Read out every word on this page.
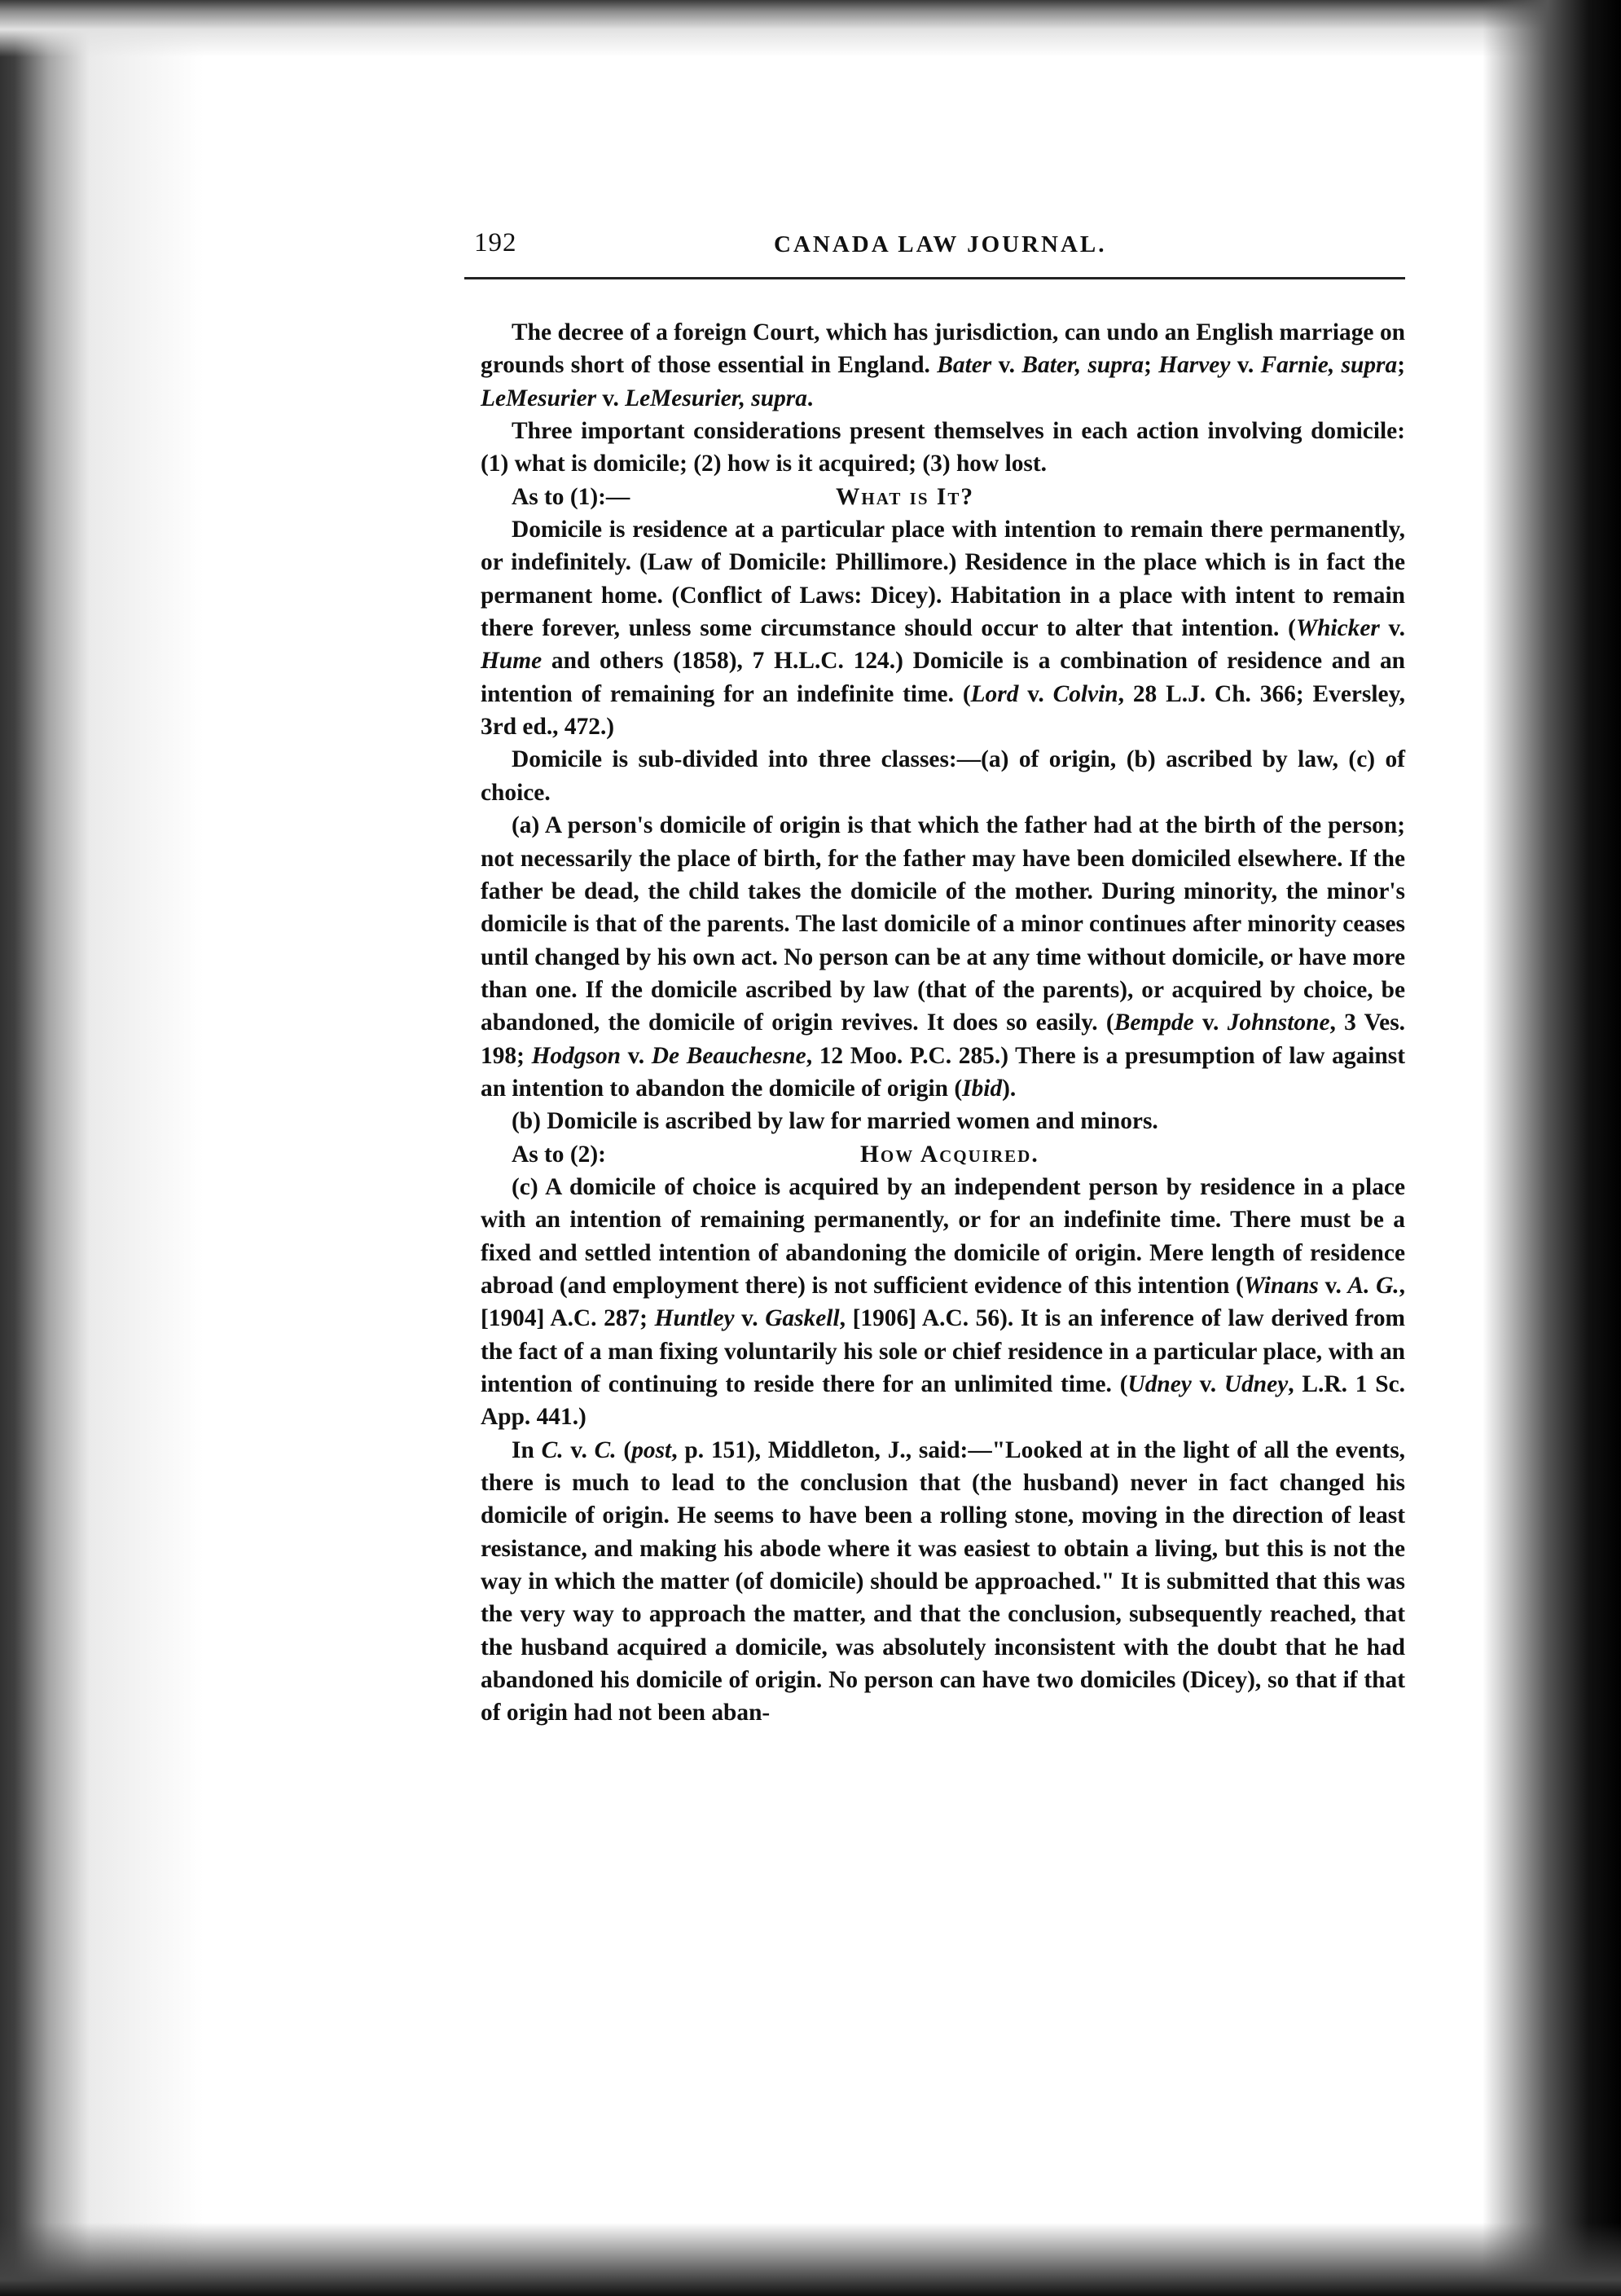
192	CANADA LAW JOURNAL.

The decree of a foreign Court, which has jurisdiction, can undo an English marriage on grounds short of those essential in England. Bater v. Bater, supra; Harvey v. Farnie, supra; LeMesurier v. LeMesurier, supra.

Three important considerations present themselves in each action involving domicile: (1) what is domicile; (2) how is it acquired; (3) how lost.

As to (1):—	What is It?

Domicile is residence at a particular place with intention to remain there permanently, or indefinitely. (Law of Domicile: Phillimore.) Residence in the place which is in fact the permanent home. (Conflict of Laws: Dicey). Habitation in a place with intent to remain there forever, unless some circumstance should occur to alter that intention. (Whicker v. Hume and others (1858), 7 H.L.C. 124.) Domicile is a combination of residence and an intention of remaining for an indefinite time. (Lord v. Colvin, 28 L.J. Ch. 366; Eversley, 3rd ed., 472.)

Domicile is sub-divided into three classes:—(a) of origin, (b) ascribed by law, (c) of choice.

(a) A person's domicile of origin is that which the father had at the birth of the person; not necessarily the place of birth, for the father may have been domiciled elsewhere. If the father be dead, the child takes the domicile of the mother. During minority, the minor's domicile is that of the parents. The last domicile of a minor continues after minority ceases until changed by his own act. No person can be at any time without domicile, or have more than one. If the domicile ascribed by law (that of the parents), or acquired by choice, be abandoned, the domicile of origin revives. It does so easily. (Bempde v. Johnstone, 3 Ves. 198; Hodgson v. De Beauchesne, 12 Moo. P.C. 285.) There is a presumption of law against an intention to abandon the domicile of origin (Ibid).

(b) Domicile is ascribed by law for married women and minors.

As to (2):	How Acquired.

(c) A domicile of choice is acquired by an independent person by residence in a place with an intention of remaining permanently, or for an indefinite time. There must be a fixed and settled intention of abandoning the domicile of origin. Mere length of residence abroad (and employment there) is not sufficient evidence of this intention (Winans v. A. G., [1904] A.C. 287; Huntley v. Gaskell, [1906] A.C. 56). It is an inference of law derived from the fact of a man fixing voluntarily his sole or chief residence in a particular place, with an intention of continuing to reside there for an unlimited time. (Udney v. Udney, L.R. 1 Sc. App. 441.)

In C. v. C. (post, p. 151), Middleton, J., said:—"Looked at in the light of all the events, there is much to lead to the conclusion that (the husband) never in fact changed his domicile of origin. He seems to have been a rolling stone, moving in the direction of least resistance, and making his abode where it was easiest to obtain a living, but this is not the way in which the matter (of domicile) should be approached." It is submitted that this was the very way to approach the matter, and that the conclusion, subsequently reached, that the husband acquired a domicile, was absolutely inconsistent with the doubt that he had abandoned his domicile of origin. No person can have two domiciles (Dicey), so that if that of origin had not been aban-
